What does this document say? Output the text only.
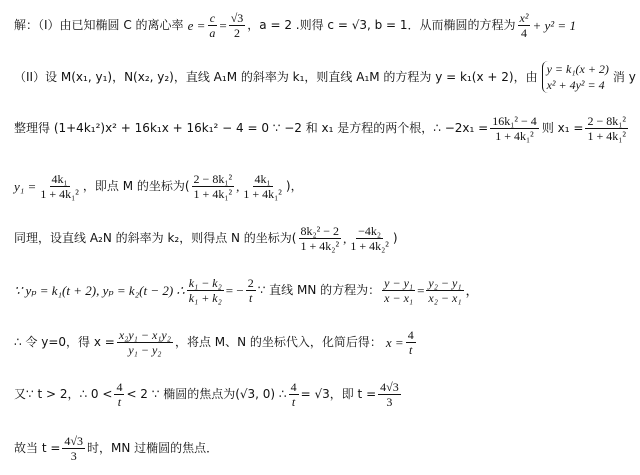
解：（I）由已知椭圆 C 的离心率 $e = \frac{c}{a} = \frac{√3}{2}$ ，a = 2 .则得 c = √3, b = 1．从而椭圆的方程为 $\frac{\text{x²}}{4} + y^2 = 1$
（II）设 M(x₁, y₁)，N(x₂, y₂)，直线 A₁M 的斜率为 k₁，则直线 A₁M 的方程为 y = k₁(x + 2)，由
y = k₁(x + 2)
x² + 4y² = 4
消 y
整理得 (1+4k₁²)x² + 16k₁x + 16k₁² − 4 = 0 ∵ −2 和 x₁ 是方程的两个根，∴ $-2x_1 = \frac{\text{16k₁² − 4}}{\text{1 + 4k₁²}}$ 则 $x_1 = \frac{\text{2 − 8k₁²}}{\text{1 + 4k₁²}}$
$y_1 = \frac{\text{4k₁}}{\text{1 + 4k₁²}}$ ，即点 M 的坐标为( $\frac{\text{2 − 8k₁²}}{\text{1 + 4k₁²}}$ , $\frac{\text{4k₁}}{\text{1 + 4k₁²}}$ )，
同理，设直线 A₂N 的斜率为 k₂，则得点 N 的坐标为( $\frac{\text{8k₂² − 2}}{\text{1 + 4k₂²}}$ , $\frac{\text{−4k₂}}{\text{1 + 4k₂²}}$ )
∵ yₚ = k₁(t + 2), yₚ = k₂(t − 2) ∴ $\frac{\text{k₁ − k₂}}{\text{k₁ + k₂}}$ = − $\frac{2}{t}$ ∵ 直线 MN 的方程为： $\frac{\text{y − y₁}}{\text{x − x₁}} = \frac{\text{y₂ − y₁}}{\text{x₂ − x₁}}$ ，
∴ 令 y=0，得 $x = \frac{\text{x₂y₁ − x₁y₂}}{\text{y₁ − y₂}}$ ，将点 M、N 的坐标代入，化简后得： $x = \frac{4}{t}$
又∵ t > 2，∴ $0 < \frac{4}{t} < 2$ ∵ 椭圆的焦点为(√3, 0) ∴ $\frac{4}{t} = √3$，即 $t = \frac{4√3}{3}$
故当 $t = \frac{4√3}{3}$ 时，MN 过椭圆的焦点．
